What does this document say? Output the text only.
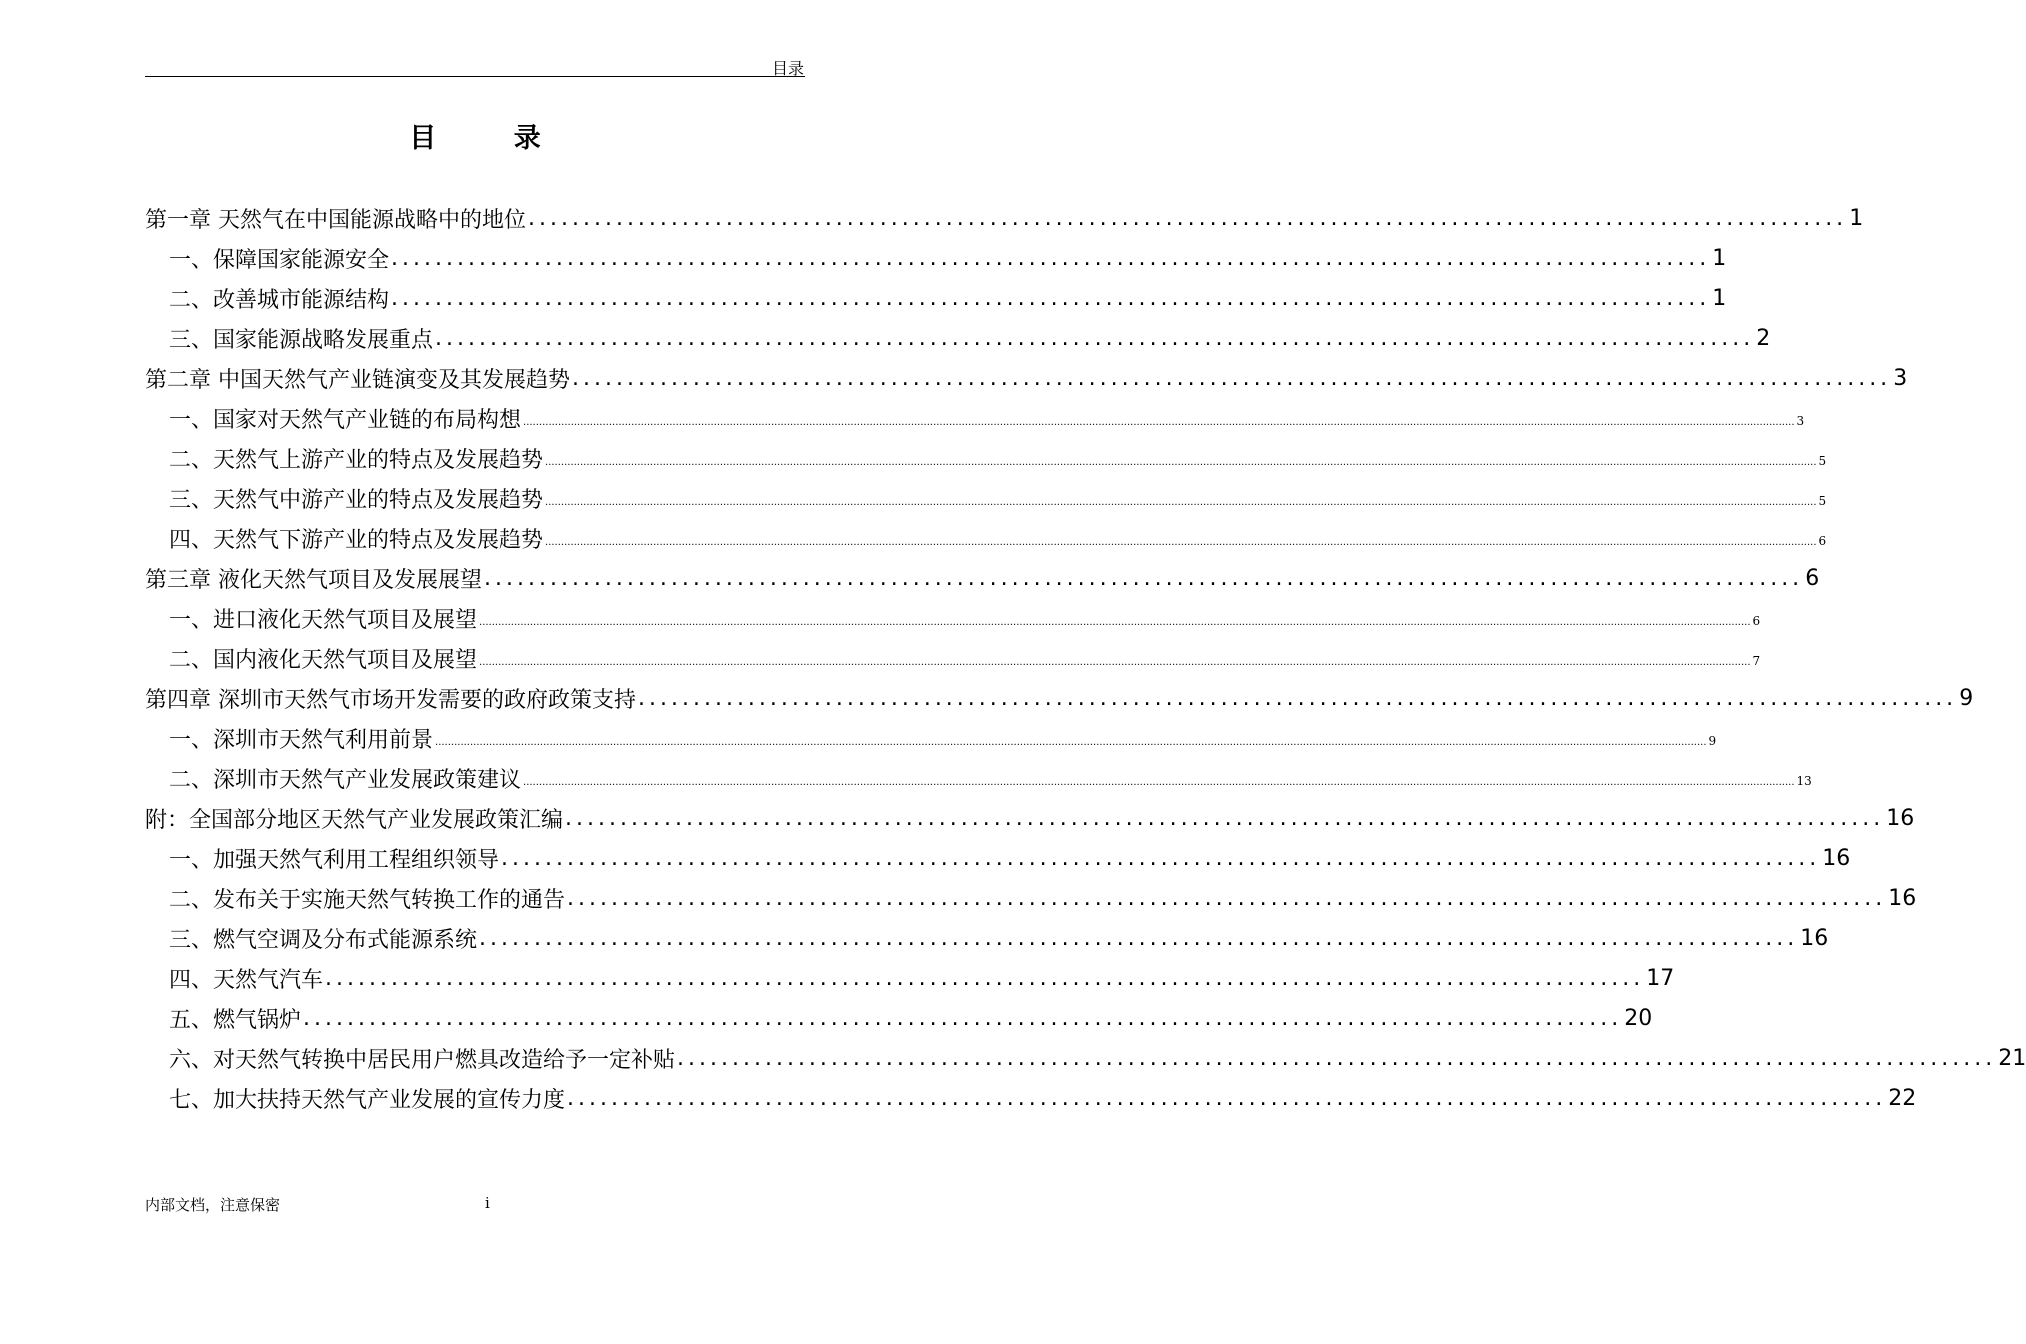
目录
目 录
第一章 天然气在中国能源战略中的地位 ........................................................................................................................ 1
一、保障国家能源安全 ........................................................................................................................ 1
二、改善城市能源结构 ........................................................................................................................ 1
三、国家能源战略发展重点 ........................................................................................................................ 2
第二章 中国天然气产业链演变及其发展趋势 ........................................................................................................................ 3
一、国家对天然气产业链的布局构想 ................................................................................................................................................................................................................................................................................................................................................................................................................ 3
二、天然气上游产业的特点及发展趋势 ................................................................................................................................................................................................................................................................................................................................................................................................................ 5
三、天然气中游产业的特点及发展趋势 ................................................................................................................................................................................................................................................................................................................................................................................................................ 5
四、天然气下游产业的特点及发展趋势 ................................................................................................................................................................................................................................................................................................................................................................................................................ 6
第三章 液化天然气项目及发展展望 ........................................................................................................................ 6
一、进口液化天然气项目及展望 ................................................................................................................................................................................................................................................................................................................................................................................................................ 6
二、国内液化天然气项目及展望 ................................................................................................................................................................................................................................................................................................................................................................................................................ 7
第四章 深圳市天然气市场开发需要的政府政策支持 ........................................................................................................................ 9
一、深圳市天然气利用前景 ................................................................................................................................................................................................................................................................................................................................................................................................................ 9
二、深圳市天然气产业发展政策建议 ................................................................................................................................................................................................................................................................................................................................................................................................................ 13
附：全国部分地区天然气产业发展政策汇编 ........................................................................................................................ 16
一、加强天然气利用工程组织领导 ........................................................................................................................ 16
二、发布关于实施天然气转换工作的通告 ........................................................................................................................ 16
三、燃气空调及分布式能源系统 ........................................................................................................................ 16
四、天然气汽车 ........................................................................................................................ 17
五、燃气锅炉 ........................................................................................................................ 20
六、对天然气转换中居民用户燃具改造给予一定补贴 ........................................................................................................................ 21
七、加大扶持天然气产业发展的宣传力度 ........................................................................................................................ 22
内部文档，注意保密	i
